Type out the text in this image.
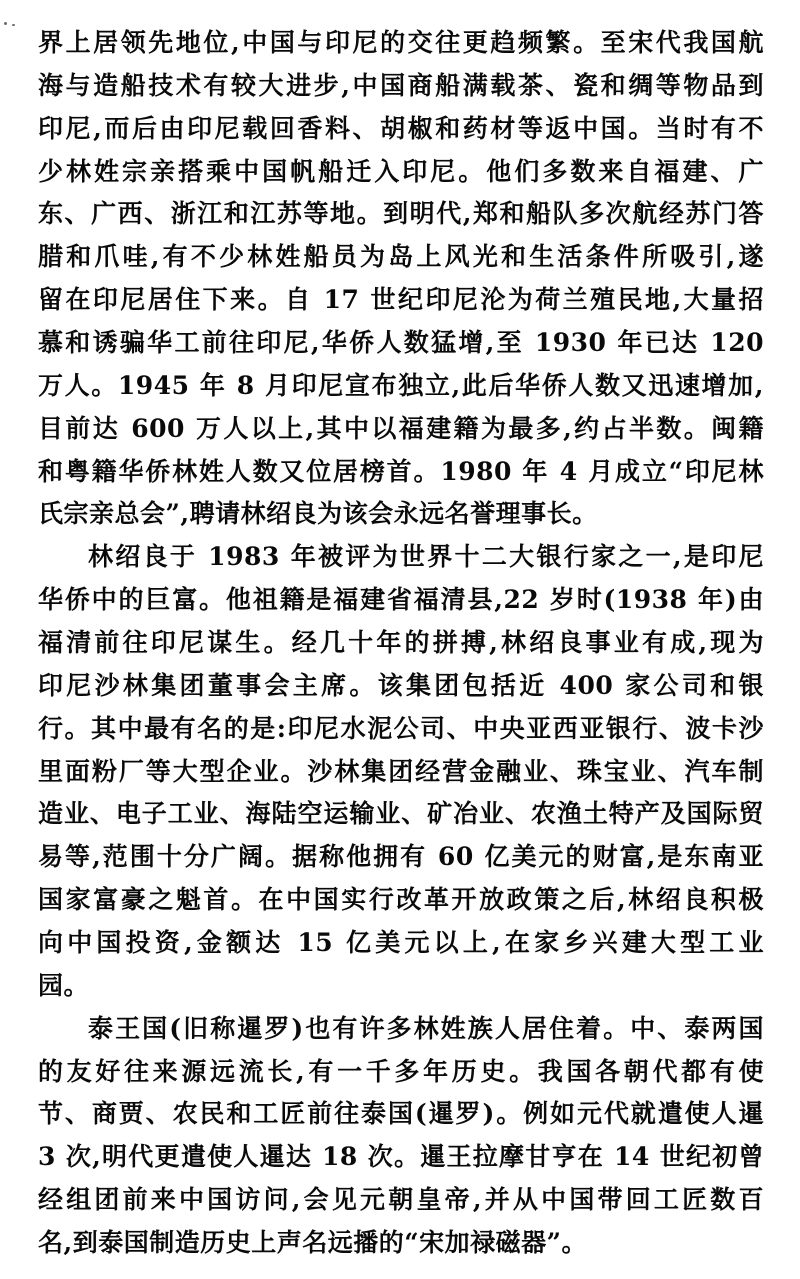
界上居领先地位,中国与印尼的交往更趋频繁。至宋代我国航
海与造船技术有较大进步,中国商船满载茶、瓷和绸等物品到
印尼,而后由印尼载回香料、胡椒和药材等返中国。当时有不
少林姓宗亲搭乘中国帆船迁入印尼。他们多数来自福建、广
东、广西、浙江和江苏等地。到明代,郑和船队多次航经苏门答
腊和爪哇,有不少林姓船员为岛上风光和生活条件所吸引,遂
留在印尼居住下来。自 17 世纪印尼沦为荷兰殖民地,大量招
慕和诱骗华工前往印尼,华侨人数猛增,至 1930 年已达 120
万人。1945 年 8 月印尼宣布独立,此后华侨人数又迅速增加,
目前达 600 万人以上,其中以福建籍为最多,约占半数。闽籍
和粤籍华侨林姓人数又位居榜首。1980 年 4 月成立“印尼林
氏宗亲总会”,聘请林绍良为该会永远名誉理事长。
林绍良于 1983 年被评为世界十二大银行家之一,是印尼
华侨中的巨富。他祖籍是福建省福清县,22 岁时(1938 年)由
福清前往印尼谋生。经几十年的拼搏,林绍良事业有成,现为
印尼沙林集团董事会主席。该集团包括近 400 家公司和银
行。其中最有名的是:印尼水泥公司、中央亚西亚银行、波卡沙
里面粉厂等大型企业。沙林集团经营金融业、珠宝业、汽车制
造业、电子工业、海陆空运输业、矿冶业、农渔土特产及国际贸
易等,范围十分广阔。据称他拥有 60 亿美元的财富,是东南亚
国家富豪之魁首。在中国实行改革开放政策之后,林绍良积极
向中国投资,金额达 15 亿美元以上,在家乡兴建大型工业
园。
泰王国(旧称暹罗)也有许多林姓族人居住着。中、泰两国
的友好往来源远流长,有一千多年历史。我国各朝代都有使
节、商贾、农民和工匠前往泰国(暹罗)。例如元代就遣使人暹
3 次,明代更遣使人暹达 18 次。暹王拉摩甘亨在 14 世纪初曾
经组团前来中国访问,会见元朝皇帝,并从中国带回工匠数百
名,到泰国制造历史上声名远播的“宋加禄磁器”。
